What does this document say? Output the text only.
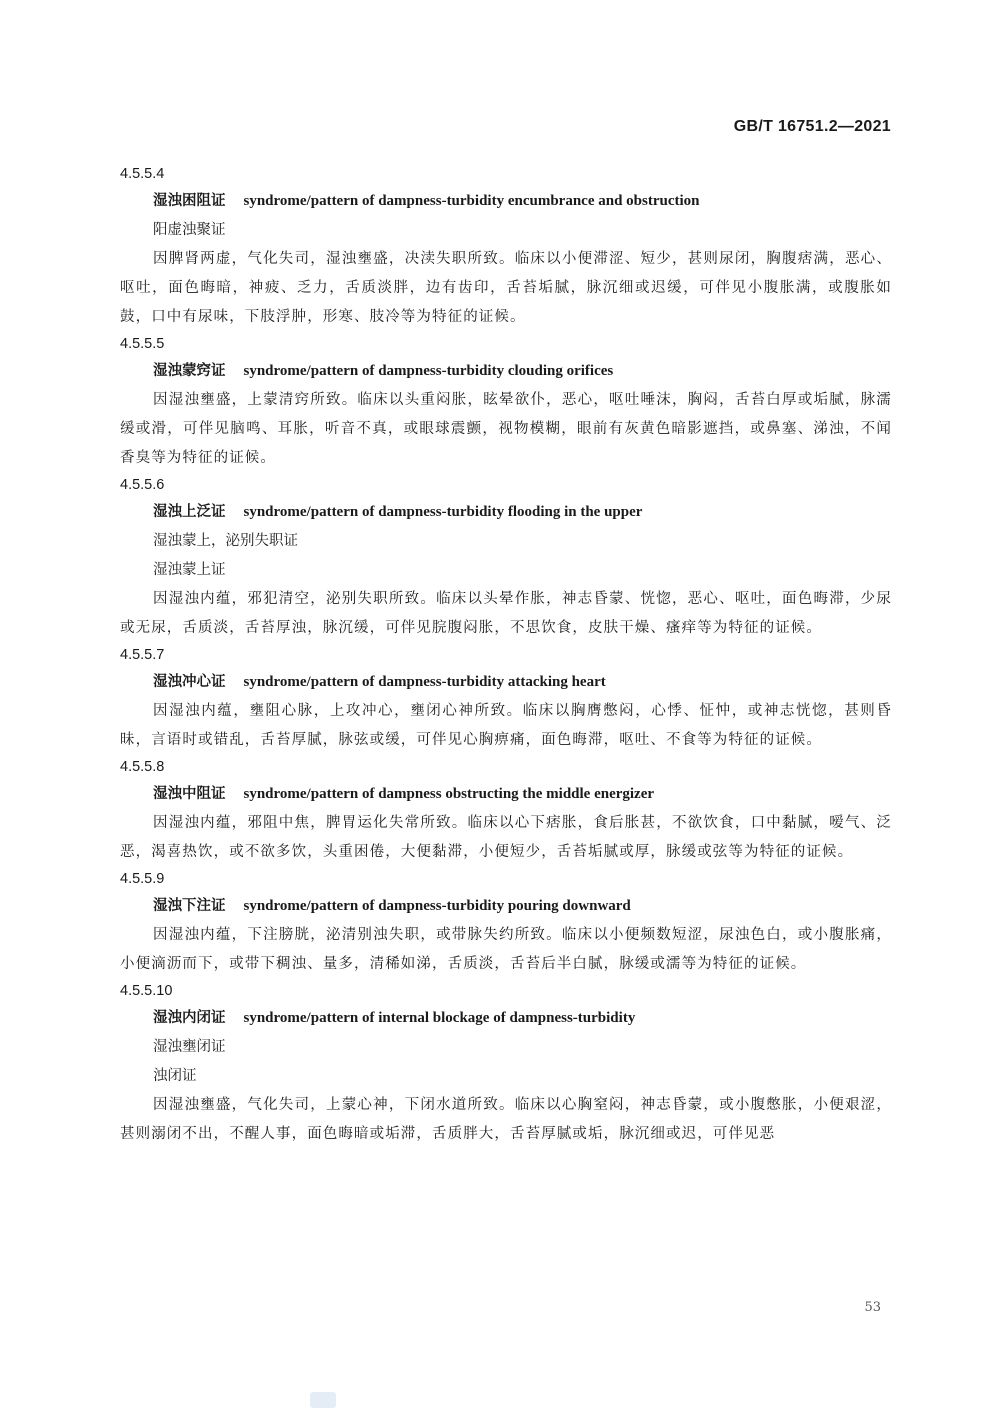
GB/T 16751.2—2021
4.5.5.4
湿浊困阻证 syndrome/pattern of dampness-turbidity encumbrance and obstruction
阳虚浊聚证

因脾肾两虚，气化失司，湿浊壅盛，决渎失职所致。临床以小便滞涩、短少，甚则尿闭，胸腹痞满，恶心、呕吐，面色晦暗，神疲、乏力，舌质淡胖，边有齿印，舌苔垢腻，脉沉细或迟缓，可伴见小腹胀满，或腹胀如鼓，口中有尿味，下肢浮肿，形寒、肢冷等为特征的证候。

4.5.5.5
湿浊蒙窍证 syndrome/pattern of dampness-turbidity clouding orifices

因湿浊壅盛，上蒙清窍所致。临床以头重闷胀，眩晕欲仆，恶心，呕吐唾沫，胸闷，舌苔白厚或垢腻，脉濡缓或滑，可伴见脑鸣、耳胀，听音不真，或眼球震颤，视物模糊，眼前有灰黄色暗影遮挡，或鼻塞、涕浊，不闻香臭等为特征的证候。

4.5.5.6
湿浊上泛证 syndrome/pattern of dampness-turbidity flooding in the upper
湿浊蒙上，泌别失职证
湿浊蒙上证

因湿浊内蕴，邪犯清空，泌别失职所致。临床以头晕作胀，神志昏蒙、恍惚，恶心、呕吐，面色晦滞，少尿或无尿，舌质淡，舌苔厚浊，脉沉缓，可伴见脘腹闷胀，不思饮食，皮肤干燥、瘙痒等为特征的证候。

4.5.5.7
湿浊冲心证 syndrome/pattern of dampness-turbidity attacking heart

因湿浊内蕴，壅阻心脉，上攻冲心，壅闭心神所致。临床以胸膺憋闷，心悸、怔忡，或神志恍惚，甚则昏昧，言语时或错乱，舌苔厚腻，脉弦或缓，可伴见心胸痹痛，面色晦滞，呕吐、不食等为特征的证候。

4.5.5.8
湿浊中阻证 syndrome/pattern of dampness obstructing the middle energizer

因湿浊内蕴，邪阻中焦，脾胃运化失常所致。临床以心下痞胀，食后胀甚，不欲饮食，口中黏腻，嗳气、泛恶，渴喜热饮，或不欲多饮，头重困倦，大便黏滞，小便短少，舌苔垢腻或厚，脉缓或弦等为特征的证候。

4.5.5.9
湿浊下注证 syndrome/pattern of dampness-turbidity pouring downward

因湿浊内蕴，下注膀胱，泌清别浊失职，或带脉失约所致。临床以小便频数短涩，尿浊色白，或小腹胀痛，小便滴沥而下，或带下稠浊、量多，清稀如涕，舌质淡，舌苔后半白腻，脉缓或濡等为特征的证候。

4.5.5.10
湿浊内闭证 syndrome/pattern of internal blockage of dampness-turbidity
湿浊壅闭证
浊闭证

因湿浊壅盛，气化失司，上蒙心神，下闭水道所致。临床以心胸窒闷，神志昏蒙，或小腹憋胀，小便艰涩，甚则溺闭不出，不醒人事，面色晦暗或垢滞，舌质胖大，舌苔厚腻或垢，脉沉细或迟，可伴见恶

53
